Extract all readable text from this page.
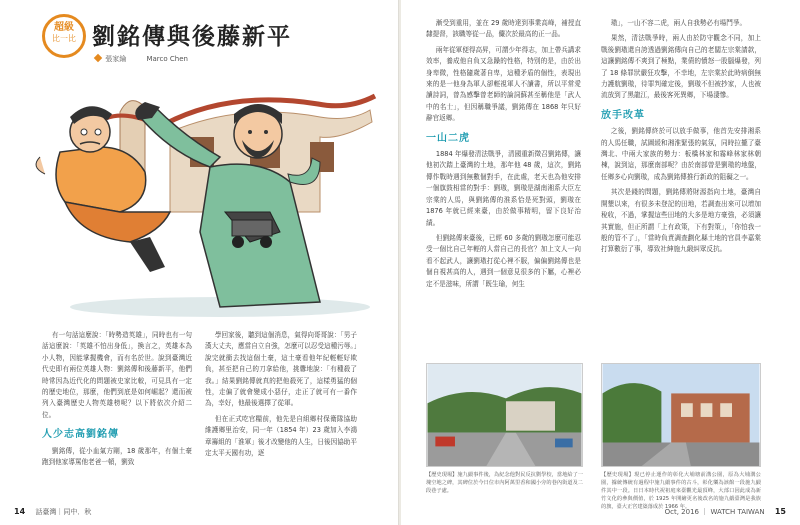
超級
比一比 劉銘傳與後藤新平
張家綸	Marco Chen

有一句話這麼說：「時勢造英雄」，同時也有一句話這麼說：「英雄不怕出身低」，換言之，英雄本為小人物，因能掌握機會，而有名於世。說到臺灣近代史即有兩位英雄人物：劉銘傳和後藤新平，他們時常因為近代化的問題被史家比較，可見具有一定的歷史地位，那麼，他們到底是如何崛起？還而被列入臺灣歷史人物英雄榜呢？以下將依次介紹二位。

人少志高劉銘傳

劉銘傳，從小血氣方剛，18 歲那年，有個土豪跑到他家導罵他老爸一頓，劉致

學回家後，聽到這個消息，氣得向哥哥說：「男子漢大丈夫，應當自立自強，怎麼可以忍受這種污辱。」說完就衝去找這個土豪，這土豪看他年紀輕輕好欺負，甚至把自己的刀拿給他，挑釁地說：「有種殺了我。」結果劉銘傳就真的把他殺死了，這樣勇猛的個性，走偏了就會變成小惡仔，走正了就可有一番作為，幸好，他最後選擇了從軍。

但在正式吃官糧前，他先是自組鄉村保衛隊協助維護鄉里治安，同一年（1854 年）23 歲加入李鴻章籌組的「淮軍」後才改變他的人生，日後因協助平定太平天國有功，逐

14 話臺灣｜同中．秋

漸受到重用，並在 29 歲時達到事業高峰，補授直隸提督，該職等從一品，儼次於最高的正一品。

兩年從軍便得高昇，可謂少年得志，加上帶兵講求效率，養成他自負又急躁的性格，特別的是，由於出身卑微，性格隨歲著自卑，這種矛盾的個性，表現出來的是一他身為軍人卻輕視軍人不讀書，所以平常愛讀詩詞，曾為感擊曾老師的論詞蘇甚至稱他是「武人中的名士」，但因稱職爭議，劉銘傳在 1868 年只好辭官返鄉。

一山二虎

1884 年爆發清法戰爭，清國重新徵召劉銘傳，讓他初次踏上臺灣的土地，那年他 48 歲，這次，劉銘傳作戰時遇到無數個對手，在此處，老天也為他安排一個旗鼓相當的對手：劉璈，劉璈是湖南湘系大臣左宗棠的人馬，與劉銘傳的淮系恰是死對頭，劉璈在 1876 年就已經來臺，由於做事精明，留下良好治績。

但劉銘傳來臺後，已經 60 多歲的劉璈怎麼可能忍受一個比自己年輕的人當自己的長官？加上文人一向看不起武人，讓劉璈打從心裡不服，偏偏劉銘傳也是個自視甚高的人，遇到一個意見很多的下屬，心裡必定不是滋味，所謂「既生瑜，何生

璈」，一山不容二虎，兩人自我勢必有場鬥爭。

果然，清法戰爭時，兩人由於防守觀念不同，加上戰後劉璈還自誇透過劉銘傳向自己的老闆左宗棠請款，這讓劉銘傳不爽到了極點，業債的憤怒一股腦爆發，列了 18 條罪狀嚴狂攻擊，不幸地，左宗棠於此時病倒無力護航劉璈，待罪判確定後，劉璈不但被抄家，人也被流放到了黑龍江，最後客死異鄉，下場淒慘。

放手改革

之後，劉銘傳終於可以放手做事，他首先安排湘系的人馬任職，試圖緩和湘淮緊張的氣氛，同時拉攏了臺灣北、中兩大家族的勢力：板橋林家和霧峰林家林朝棟，說到這，那麼南部呢？由於南部曾是劉璈的地盤，任鄉多心向劉璈，成為劉銘傳推行新政的阻礙之一。

其次是錢的問題，劉銘傳將財源指向土地，臺灣自開墾以來，有很多未登記的田地，若調查出來可以增加稅收，不過，掌握這些田地的大多是地方豪強，必須讓其實施，但正所謂「上有政策，下有對策」，「你怕我一般的管不了」，「當時負責調查劃化縣土地的官員李嘉棠打算數衍了事，導致社紳施九緞糾眾反抗。

【歷史現場】施九緞事件後，為紀念他對民反抗劉學校，當地給了一塊空地之碑，其碑位於今日位市內阿萬里香和國小旁的巷內街道及二段巷子處。
【歷史現場】現已停止運作的彰化大埔塘前溝公園，原為大埔溝公園，據統傳統有過程中施九緞事件的古斗，彰化樂為該館一段施九緞件其中一段。日日本時代祝祖庭來臺觀光最頂峰，大部口因此成為新竹文化的參與價值，於 1925 年開繪更名後改名的施九緞臺灣是我族的旗，臺大正宮建築落成於 1966 年。
Oct, 2016 ｜ WATCH TAIWAN 15
